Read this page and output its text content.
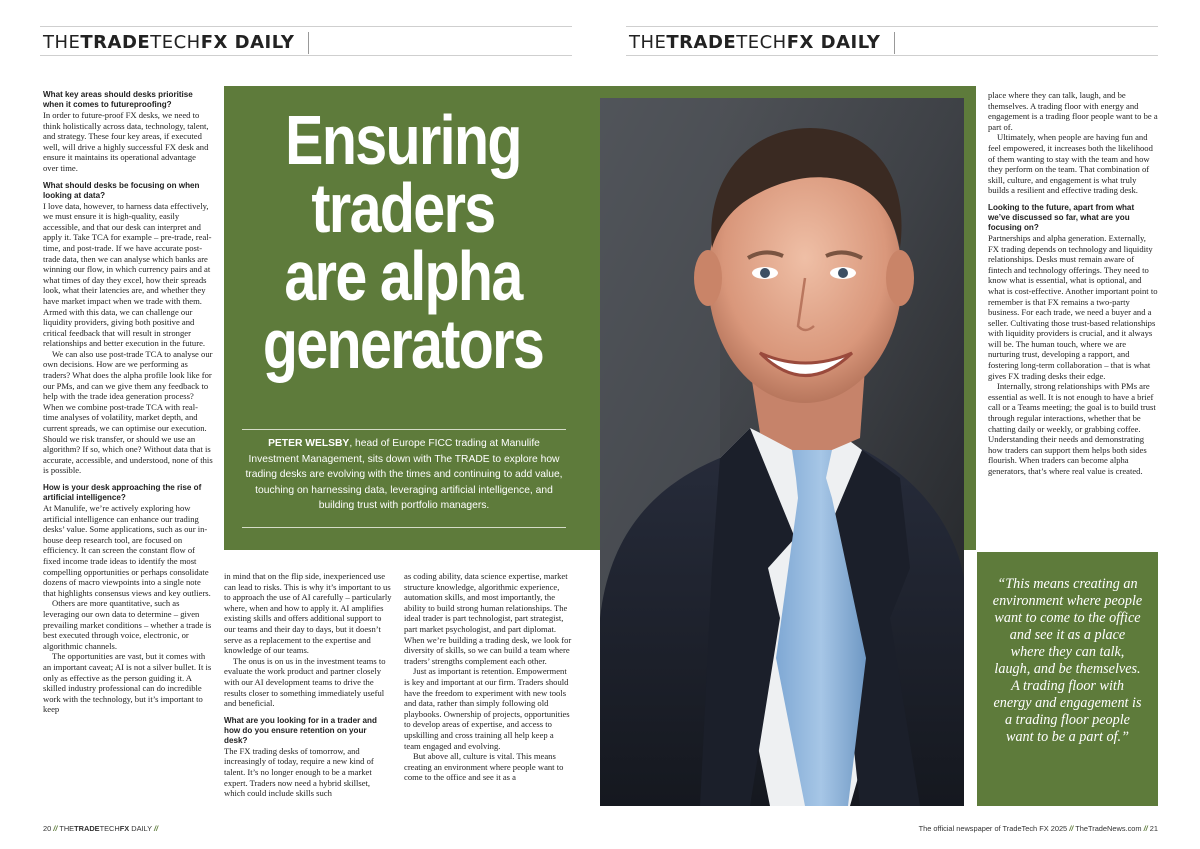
THETRADETECHFX DAILY	THETRADETECHFX DAILY
What key areas should desks prioritise when it comes to futureproofing?

In order to future-proof FX desks, we need to think holistically across data, technology, talent, and strategy. These four key areas, if executed well, will drive a highly successful FX desk and ensure it maintains its operational advantage over time.

What should desks be focusing on when looking at data?

I love data, however, to harness data effectively, we must ensure it is high-quality, easily accessible, and that our desk can interpret and apply it. Take TCA for example – pre-trade, real-time, and post-trade. If we have accurate post-trade data, then we can analyse which banks are winning our flow, in which currency pairs and at what times of day they excel, how their spreads look, what their latencies are, and whether they have market impact when we trade with them. Armed with this data, we can challenge our liquidity providers, giving both positive and critical feedback that will result in stronger relationships and better execution in the future.

We can also use post-trade TCA to analyse our own decisions. How are we performing as traders? What does the alpha profile look like for our PMs, and can we give them any feedback to help with the trade idea generation process?

When we combine post-trade TCA with real-time analyses of volatility, market depth, and current spreads, we can optimise our execution. Should we risk transfer, or should we use an algorithm? If so, which one? Without data that is accurate, accessible, and understood, none of this is possible.

How is your desk approaching the rise of artificial intelligence?

At Manulife, we’re actively exploring how artificial intelligence can enhance our trading desks’ value. Some applications, such as our in-house deep research tool, are focused on efficiency. It can screen the constant flow of fixed income trade ideas to identify the most compelling opportunities or perhaps consolidate dozens of macro viewpoints into a single note that highlights consensus views and key outliers.

Others are more quantitative, such as leveraging our own data to determine – given prevailing market conditions – whether a trade is best executed through voice, electronic, or algorithmic channels.

The opportunities are vast, but it comes with an important caveat; AI is not a silver bullet. It is only as effective as the person guiding it. A skilled industry professional can do incredible work with the technology, but it’s important to keep

Ensuring
traders
are alpha
generators
PETER WELSBY, head of Europe FICC trading at Manulife Investment Management, sits down with The TRADE to explore how trading desks are evolving with the times and continuing to add value, touching on harnessing data, leveraging artificial intelligence, and building trust with portfolio managers.

in mind that on the flip side, inexperienced use can lead to risks. This is why it’s important to us to approach the use of AI carefully – particularly where, when and how to apply it. AI amplifies existing skills and offers additional support to our teams and their day to days, but it doesn’t serve as a replacement to the expertise and knowledge of our teams.

The onus is on us in the investment teams to evaluate the work product and partner closely with our AI development teams to drive the results closer to something immediately useful and beneficial.

What are you looking for in a trader and how do you ensure retention on your desk?

The FX trading desks of tomorrow, and increasingly of today, require a new kind of talent. It’s no longer enough to be a market expert. Traders now need a hybrid skillset, which could include skills such

as coding ability, data science expertise, market structure knowledge, algorithmic experience, automation skills, and most importantly, the ability to build strong human relationships. The ideal trader is part technologist, part strategist, part market psychologist, and part diplomat. When we’re building a trading desk, we look for diversity of skills, so we can build a team where traders’ strengths complement each other.

Just as important is retention. Empowerment is key and important at our firm. Traders should have the freedom to experiment with new tools and data, rather than simply following old playbooks. Ownership of projects, opportunities to develop areas of expertise, and access to upskilling and cross training all help keep a team engaged and evolving.

But above all, culture is vital. This means creating an environment where people want to come to the office and see it as a

place where they can talk, laugh, and be themselves. A trading floor with energy and engagement is a trading floor people want to be a part of.

Ultimately, when people are having fun and feel empowered, it increases both the likelihood of them wanting to stay with the team and how they perform on the team. That combination of skill, culture, and engagement is what truly builds a resilient and effective trading desk.

Looking to the future, apart from what we’ve discussed so far, what are you focusing on?

Partnerships and alpha generation. Externally, FX trading depends on technology and liquidity relationships. Desks must remain aware of fintech and technology offerings. They need to know what is essential, what is optional, and what is cost-effective. Another important point to remember is that FX remains a two-party business. For each trade, we need a buyer and a seller. Cultivating those trust-based relationships with liquidity providers is crucial, and it always will be. The human touch, where we are nurturing trust, developing a rapport, and fostering long-term collaboration – that is what gives FX trading desks their edge.

Internally, strong relationships with PMs are essential as well. It is not enough to have a brief call or a Teams meeting; the goal is to build trust through regular interactions, whether that be chatting daily or weekly, or grabbing coffee. Understanding their needs and demonstrating how traders can support them helps both sides flourish. When traders can become alpha generators, that’s where real value is created.

“This means creating an environment where people want to come to the office and see it as a place where they can talk, laugh, and be themselves. A trading floor with energy and engagement is a trading floor people want to be a part of.”
20 // THETRADETECHFX DAILY //	The official newspaper of TradeTech FX 2025 // TheTradeNews.com // 21
